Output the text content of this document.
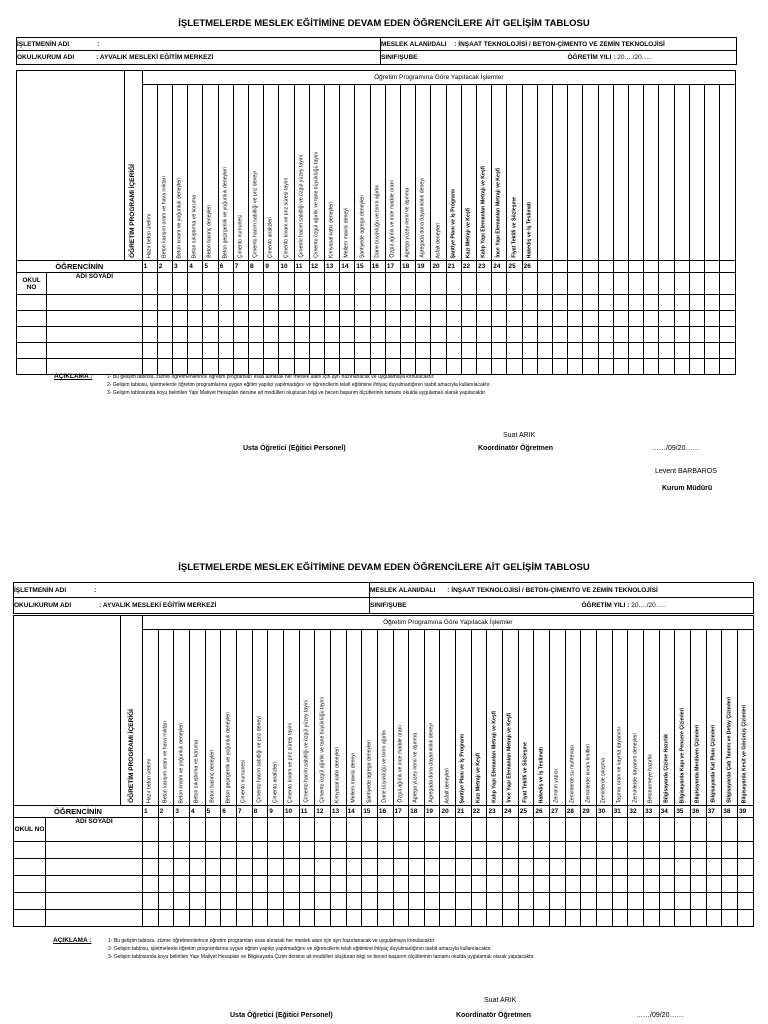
İŞLETMELERDE MESLEK EĞİTİMİNE DEVAM EDEN ÖĞRENCİLERE AİT GELİŞİM TABLOSU
İŞLETMENİN ADI :	MESLEK ALANI/DALI : İNŞAAT TEKNOLOJİSİ / BETON-ÇİMENTO VE ZEMİN TEKNOLOJİSİ
OKUL/KURUM ADI : AYVALIK MESLEKİ EĞİTİM MERKEZİ	SINIF/ŞUBE ÖĞRETİM YILI : 20…./20…..

		ÖĞRETİM PROGRAMI İÇERİĞİ	Öğretim Programına Göre Yapılacak İşlemler																																						

			Hazır beton üretimi	Beton karışım oranı ve hava miktarı	Beton kıvam ve yoğunluk deneyleri	Beton sıkıştırma ve koruma	Beton basınç deneyleri	Beton geçirgenlik ve yoğunluk deneyleri	Çimento numunesi	Çimento hacim sabitliği ve priz deneyi	Çimento analizleri	Çimento kıvam ve priz süresi tayini	Çimento hacim sabitliği ve özgül yüzey tayini	Çimento özgül ağırlık ve tane büyüklüğü tayini	Kimyasal katkı deneyleri	Mellem mavisi deneyi	Şantiyede agrega deneyleri	Dane büyüklüğü ve birim ağırlık	Özgül ağırlık ve ince madde oranı	Agrega yüzey nemi ve aşınma	Agregada dona dayanıklılık deneyi	Asfalt deneyleri	Şantiye Planı ve İş Programı	Kazı Metrajı ve Keşfi	Kalıp Yapı Elemanları Metrajı ve Keşfi	İnce Yapı Elemanları Metrajı ve Keşfi	Fiyat Teklifi ve Sözleşme	Hakediş ve İş Teslimatı													

ÖĞRENCİNİN			1	2	3	4	5	6	7	8	9	10	11	12	13	14	15	16	17	18	19	20	21	22	23	24	25	26													
OKUL NO	ADI SOYADI																																								

AÇIKLAMA :	1- Bu gelişim tablosu, zümre öğretmenlerince öğretim programları esas alınarak her meslek alanı için ayrı hazırlanacak ve uygulamaya konulacaktır.
2- Gelişim tablosu, işletmelerde öğretim programlarına uygun eğitim yapılıp yapılmadığını ve öğrencilerin telafi eğitimine ihtiyaç duyulmadığının tasbit amacıyla kullanılacaktır.
3- Gelişim tablosunda koyu belirtilen Yapı Maliyet Hesapları dersine ait modülleri oluşturan bilgi ve beceri başarım ölçütlerinin tamamı okulda uygulamalı olarak yapılacaktır.
Suat ARIK
Usta Öğretici (Eğitici Personel)	Koordinatör Öğretmen	……/09/20……
Levent BARBAROS
Kurum Müdürü
İŞLETMELERDE MESLEK EĞİTİMİNE DEVAM EDEN ÖĞRENCİLERE AİT GELİŞİM TABLOSU
İŞLETMENİN ADI :	MESLEK ALANI/DALI : İNŞAAT TEKNOLOJİSİ / BETON-ÇİMENTO VE ZEMİN TEKNOLOJİSİ
OKUL/KURUM ADI : AYVALIK MESLEKİ EĞİTİM MERKEZİ	SINIF/ŞUBE ÖĞRETİM YILI : 20…./20…..

		ÖĞRETİM PROGRAMI İÇERİĞİ	Öğretim Programına Göre Yapılacak İşlemler																																						

			Hazır beton üretimi	Beton karışım oranı ve hava miktarı	Beton kıvam ve yoğunluk deneyleri	Beton sıkıştırma ve koruma	Beton basınç deneyleri	Beton geçirgenlik ve yoğunluk deneyleri	Çimento numunesi	Çimento hacim sabitliği ve priz deneyi	Çimento analizleri	Çimento kıvam ve priz süresi tayini	Çimento hacim sabitliği ve özgül yüzey tayini	Çimento özgül ağırlık ve tane büyüklüğü tayini	Kimyasal katkı deneyleri	Mellem mavisi deneyi	Şantiyede agrega deneyleri	Dane büyüklüğü ve birim ağırlık	Özgül ağırlık ve ince madde oranı	Agrega yüzey nemi ve aşınma	Agregada dona dayanıklılık deneyi	Asfalt deneyleri	Şantiye Planı ve İş Programı	Kazı Metrajı ve Keşfi	Kalıp Yapı Elemanları Metrajı ve Keşfi	İnce Yapı Elemanları Metrajı ve Keşfi	Fiyat Teklifi ve Sözleşme	Hakediş ve İş Teslimatı	Zeminin yapısı	Zeminlerde su muhtevası	Zeminlerde kıvam limitleri	Zeminlerde sıkışma	Taşıma oranı ve kayma dayanımı	Zeminlerde dayanım deneyleri	Betonarmeye hazırlık	Bilgisayarda Çizime Hazırlık	Bilgisayarda Kapı ve Pencere Çizimleri	Bilgisayarda Merdiven Çizimleri	Bilgisayarda Kat Planı Çizimleri	Bilgisayarda Çatı Tanımı ve Detay Çizimleri	Bilgisayarda Kesit ve Görünüş Çizimleri

ÖĞRENCİNİN			1	2	3	4	5	6	7	8	9	10	11	12	13	14	15	16	17	18	19	20	21	22	23	24	25	26	27	28	29	30	31	32	33	34	35	36	37	38	39
OKUL NO	ADI SOYADI																																								

AÇIKLAMA :	1- Bu gelişim tablosu, zümre öğretmenlerince öğretim programları esas alınarak her meslek alanı için ayrı hazırlanacak ve uygulamaya konulacaktır.
2- Gelişim tablosu, işletmelerde öğretim programlarına uygun eğitim yapılıp yapılmadığını ve öğrencilerin telafi eğitimine ihtiyaç duyulmadığının tasbit amacıyla kullanılacaktır.
3- Gelişim tablosunda koyu belirtilen Yapı Maliyet Hesapları ve Bilgisayarla Çizim dersine ait modülleri oluşturan bilgi ve beceri başarım ölçütlerinin tamamı okulda uygulamalı olarak yapılacaktır.
Suat ARIK
Usta Öğretici (Eğitici Personel)	Koordinatör Öğretmen	……/09/20……
